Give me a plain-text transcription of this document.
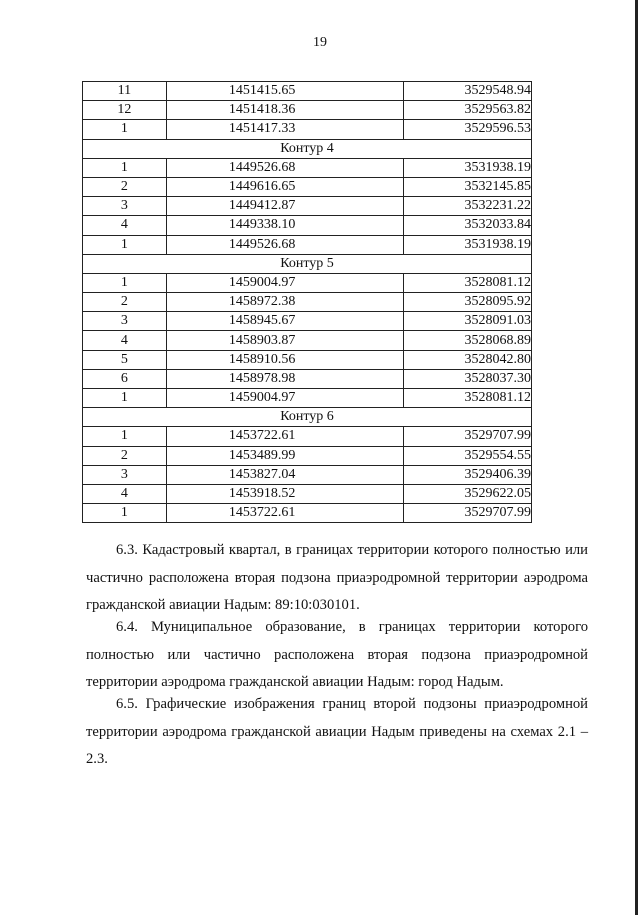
19
11	1451415.65	3529548.94
12	1451418.36	3529563.82
1	1451417.33	3529596.53
Контур 4		
1	1449526.68	3531938.19
2	1449616.65	3532145.85
3	1449412.87	3532231.22
4	1449338.10	3532033.84
1	1449526.68	3531938.19
Контур 5		
1	1459004.97	3528081.12
2	1458972.38	3528095.92
3	1458945.67	3528091.03
4	1458903.87	3528068.89
5	1458910.56	3528042.80
6	1458978.98	3528037.30
1	1459004.97	3528081.12
Контур 6		
1	1453722.61	3529707.99
2	1453489.99	3529554.55
3	1453827.04	3529406.39
4	1453918.52	3529622.05
1	1453722.61	3529707.99

6.3. Кадастровый квартал, в границах территории которого полностью или частично расположена вторая подзона приаэродромной территории аэродрома гражданской авиации Надым: 89:10:030101.

6.4. Муниципальное образование, в границах территории которого полностью или частично расположена вторая подзона приаэродромной территории аэродрома гражданской авиации Надым: город Надым.

6.5. Графические изображения границ второй подзоны приаэродромной территории аэродрома гражданской авиации Надым приведены на схемах 2.1 – 2.3.
